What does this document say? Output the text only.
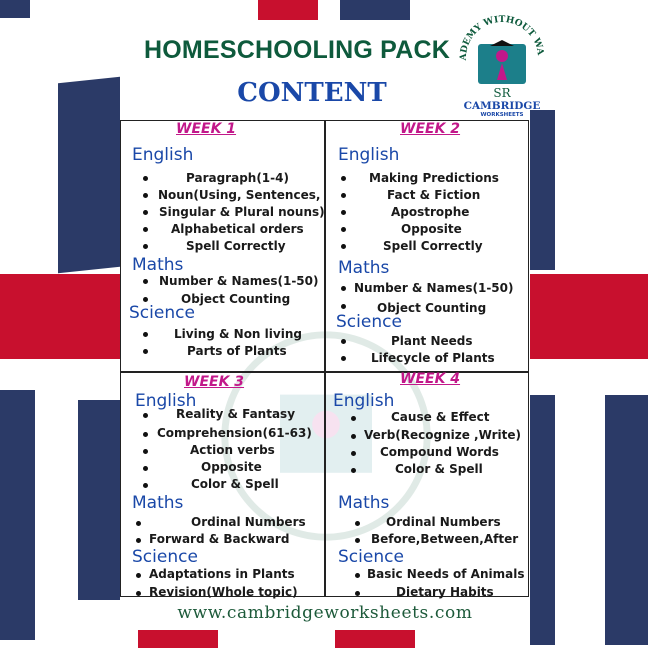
HOMESCHOOLING PACK
CONTENT
ADEMY WITHOUT WA
SR
CAMBRIDGE
WORKSHEETS
WEEK 1
English
Paragraph(1-4)
Noun(Using, Sentences,
Singular & Plural nouns)
Alphabetical orders
Spell Correctly
Maths
Number & Names(1-50)
Object Counting
Science
Living & Non living
Parts of Plants
WEEK 2
English
Making Predictions
Fact & Fiction
Apostrophe
Opposite
Spell Correctly
Maths
Number & Names(1-50)
Object Counting
Science
Plant Needs
Lifecycle of Plants
WEEK 3
English
Reality & Fantasy
Comprehension(61-63)
Action verbs
Opposite
Color & Spell
Maths
Ordinal Numbers
Forward & Backward
Science
Adaptations in Plants
Revision(Whole topic)
WEEK 4
English
Cause & Effect
Verb(Recognize ,Write)
Compound Words
Color & Spell
Maths
Ordinal Numbers
Before,Between,After
Science
Basic Needs of Animals
Dietary Habits
www.cambridgeworksheets.com
